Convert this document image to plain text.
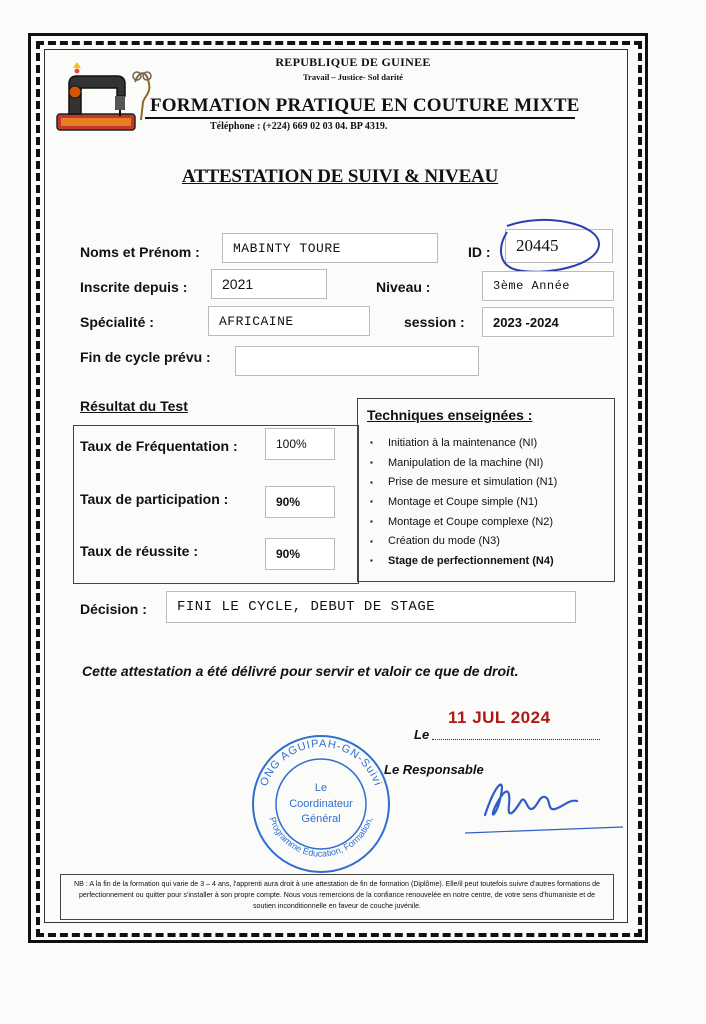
REPUBLIQUE DE GUINEE
Travail – Justice- Sol darité
FORMATION PRATIQUE EN COUTURE MIXTE
Téléphone : (+224) 669 02 03 04. BP 4319.
ATTESTATION DE SUIVI & NIVEAU
Noms et Prénom :	MABINTY TOURE	ID :	20445
Inscrite depuis :	2021	Niveau :	3ème Année
Spécialité :	AFRICAINE	session :	2023 -2024
Fin de cycle prévu :
Résultat du Test
Taux de Fréquentation :	100%
Taux de participation :	90%
Taux de réussite :	90%
Techniques enseignées :
▪	Initiation à la maintenance (NI)
▪	Manipulation de la machine (NI)
▪	Prise de mesure et simulation (N1)
▪	Montage et Coupe simple (N1)
▪	Montage et Coupe complexe (N2)
▪	Création du mode (N3)
▪	Stage de perfectionnement (N4)
Décision :	FINI LE CYCLE, DEBUT DE STAGE
Cette attestation a été délivré pour servir et valoir ce que de droit.
Le
11 JUL 2024
Le Responsable
ONG AGUIPAH-GN-Suivi
Programme Education, Formation,
Le
Coordinateur
Général
NB : A la fin de la formation qui varie de 3 – 4 ans, l'apprenti aura droit à une attestation de fin de formation (Diplôme). Elle/il peut toutefois suivre d'autres formations de perfectionnement ou quitter pour s'installer à son propre compte. Nous vous remercions de la confiance renouvelée en notre centre, de votre sens d'humaniste et de soutien inconditionnelle en faveur de couche juvénile.
